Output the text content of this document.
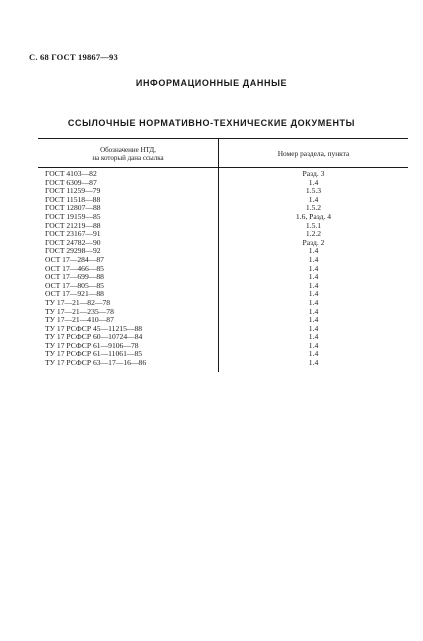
С. 68 ГОСТ 19867—93
ИНФОРМАЦИОННЫЕ ДАННЫЕ
ССЫЛОЧНЫЕ НОРМАТИВНО-ТЕХНИЧЕСКИЕ ДОКУМЕНТЫ
Обозначение НТД,
на который дана ссылка	Номер раздела, пункта
ГОСТ 4103—82
ГОСТ 6309—87
ГОСТ 11259—79
ГОСТ 11518—88
ГОСТ 12807—88
ГОСТ 19159—85
ГОСТ 21219—88
ГОСТ 23167—91
ГОСТ 24782—90
ГОСТ 29298—92
ОСТ 17—284—87
ОСТ 17—466—85
ОСТ 17—699—88
ОСТ 17—805—85
ОСТ 17—921—88
ТУ 17—21—82—78
ТУ 17—21—235—78
ТУ 17—21—410—87
ТУ 17 РСФСР 45—11215—88
ТУ 17 РСФСР 60—10724—84
ТУ 17 РСФСР 61—9106—78
ТУ 17 РСФСР 61—11061—85
ТУ 17 РСФСР 63—17—16—86
Разд. 3
1.4
1.5.3
1.4
1.5.2
1.6, Разд. 4
1.5.1
1.2.2
Разд. 2
1.4
1.4
1.4
1.4
1.4
1.4
1.4
1.4
1.4
1.4
1.4
1.4
1.4
1.4
